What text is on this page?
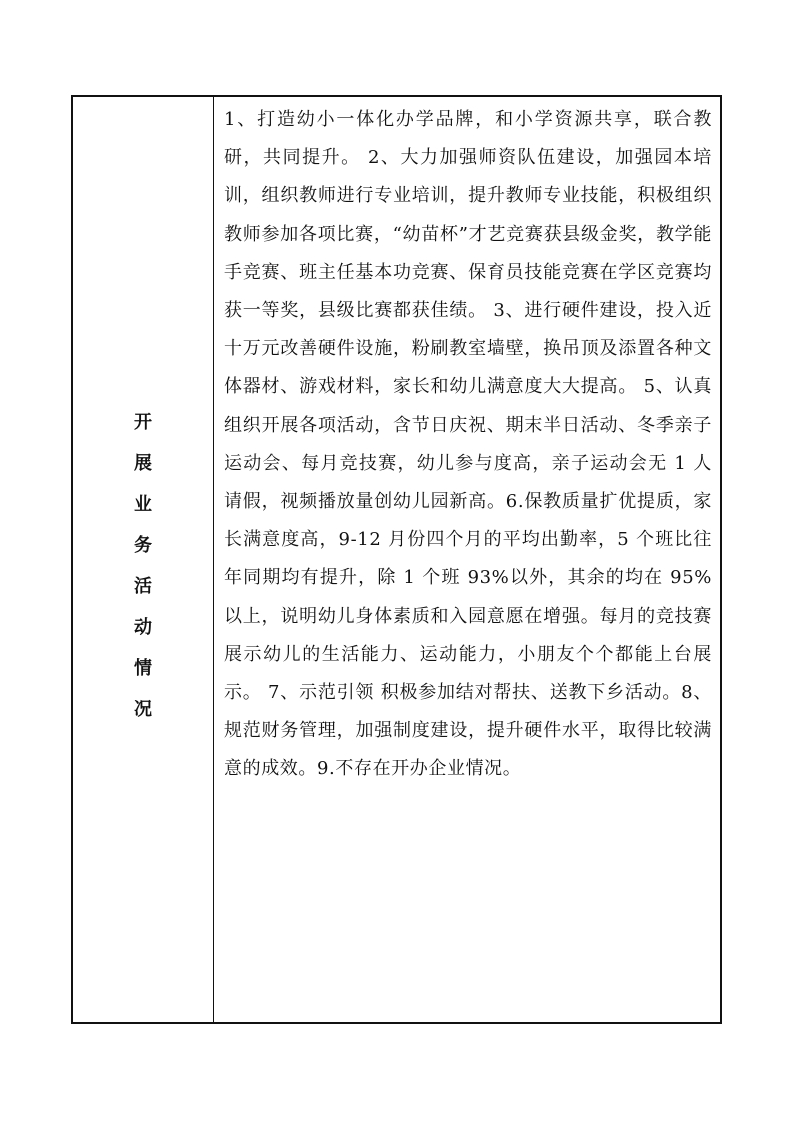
开
展
业
务
活
动
情
况

1、打造幼小一体化办学品牌，和小学资源共享，联合教研，共同提升。 2、大力加强师资队伍建设，加强园本培训，组织教师进行专业培训，提升教师专业技能，积极组织教师参加各项比赛，“幼苗杯”才艺竞赛获县级金奖，教学能手竞赛、班主任基本功竞赛、保育员技能竞赛在学区竞赛均获一等奖，县级比赛都获佳绩。 3、进行硬件建设，投入近十万元改善硬件设施，粉刷教室墙壁，换吊顶及添置各种文体器材、游戏材料，家长和幼儿满意度大大提高。 5、认真组织开展各项活动，含节日庆祝、期末半日活动、冬季亲子运动会、每月竞技赛，幼儿参与度高，亲子运动会无 1 人请假，视频播放量创幼儿园新高。6.保教质量扩优提质，家长满意度高，9-12 月份四个月的平均出勤率，5 个班比往年同期均有提升，除 1 个班 93%以外，其余的均在 95%以上，说明幼儿身体素质和入园意愿在增强。每月的竞技赛展示幼儿的生活能力、运动能力，小朋友个个都能上台展示。 7、示范引领 积极参加结对帮扶、送教下乡活动。8、规范财务管理，加强制度建设，提升硬件水平，取得比较满意的成效。9.不存在开办企业情况。
